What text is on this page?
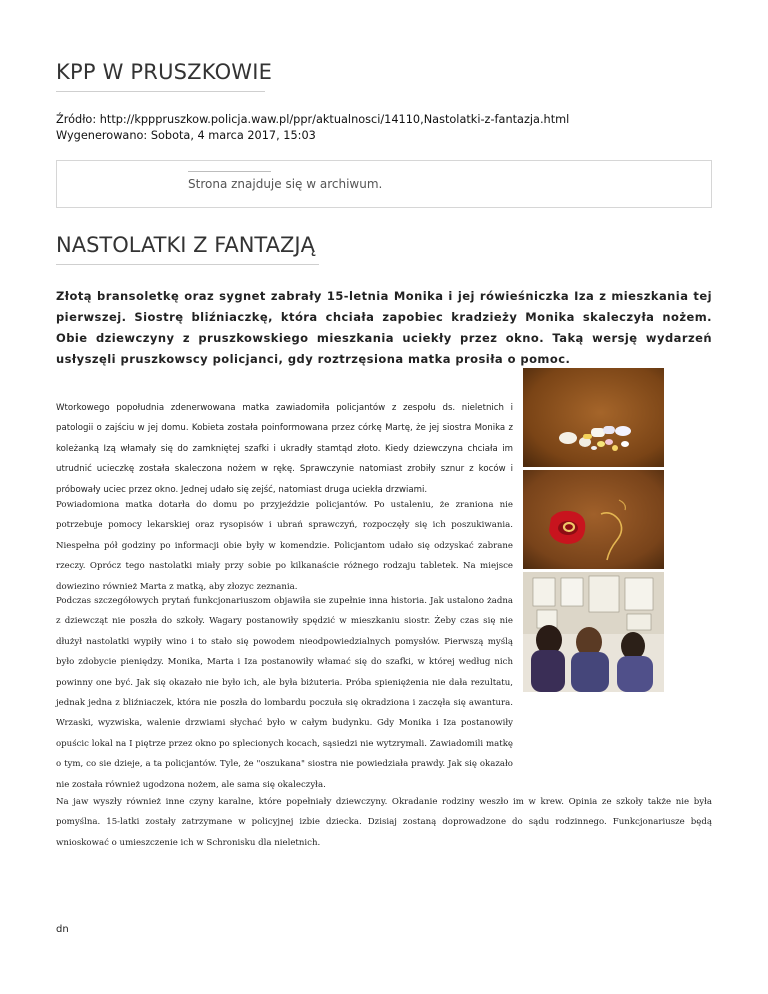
KPP W PRUSZKOWIE
Źródło: http://kpppruszkow.policja.waw.pl/ppr/aktualnosci/14110,Nastolatki-z-fantazja.html
Wygenerowano: Sobota, 4 marca 2017, 15:03
Strona znajduje się w archiwum.
NASTOLATKI Z FANTAZJĄ
Złotą bransoletkę oraz sygnet zabrały 15-letnia Monika i jej rówieśniczka Iza z mieszkania tej pierwszej. Siostrę bliźniaczkę, która chciała zapobiec kradzieży Monika skaleczyła nożem. Obie dziewczyny z pruszkowskiego mieszkania uciekły przez okno. Taką wersję wydarzeń usłyszęli pruszkowscy policjanci, gdy roztrzęsiona matka prosiła o pomoc.
Wtorkowego popołudnia zdenerwowana matka zawiadomiła policjantów z zespołu ds. nieletnich i patologii o zajściu w jej domu. Kobieta została poinformowana przez córkę Martę, że jej siostra Monika z koleżanką Izą włamały się do zamkniętej szafki i ukradły stamtąd złoto. Kiedy dziewczyna chciała im utrudnić ucieczkę została skaleczona nożem w rękę. Sprawczynie natomiast zrobiły sznur z koców i próbowały uciec przez okno. Jednej udało się zejść, natomiast druga uciekła drzwiami.
Powiadomiona matka dotarła do domu po przyjeździe policjantów. Po ustaleniu, że zraniona nie potrzebuje pomocy lekarskiej oraz rysopisów i ubrań sprawczyń, rozpoczęły się ich poszukiwania. Niespełna pół godziny po informacji obie były w komendzie. Policjantom udało się odzyskać zabrane rzeczy. Oprócz tego nastolatki miały przy sobie po kilkanaście różnego rodzaju tabletek. Na miejsce dowiezino również Marta z matką, aby złozyc zeznania.
Podczas szczegółowych prytań funkcjonariuszom objawiła sie zupełnie inna historia. Jak ustalono żadna z dziewcząt nie poszła do szkoły. Wagary postanowiły spędzić w mieszkaniu siostr. Żeby czas się nie dłużył nastolatki wypiły wino i to stało się powodem nieodpowiedzialnych pomysłów. Pierwszą myślą było zdobycie pieniędzy. Monika, Marta i Iza postanowiły włamać się do szafki, w której według nich powinny one być. Jak się okazało nie było ich, ale była biżuteria. Próba spieniężenia nie dała rezultatu, jednak jedna z bliźniaczek, która nie poszła do lombardu poczuła się okradziona i zaczęła się awantura. Wrzaski, wyzwiska, walenie drzwiami słychać było w całym budynku. Gdy Monika i Iza postanowiły opuścic lokal na I piętrze przez okno po splecionych kocach, sąsiedzi nie wytzrymali. Zawiadomili matkę o tym, co sie dzieje, a ta policjantów. Tyle, że "oszukana" siostra nie powiedziała prawdy. Jak się okazało nie została również ugodzona nożem, ale sama się okaleczyła.
Na jaw wyszły również inne czyny karalne, które popełniały dziewczyny. Okradanie rodziny weszło im w krew. Opinia ze szkoły także nie była pomyślna. 15-latki zostały zatrzymane w policyjnej izbie dziecka. Dzisiaj zostaną doprowadzone do sądu rodzinnego. Funkcjonariusze będą wnioskować o umieszczenie ich w Schronisku dla nieletnich.
dn
